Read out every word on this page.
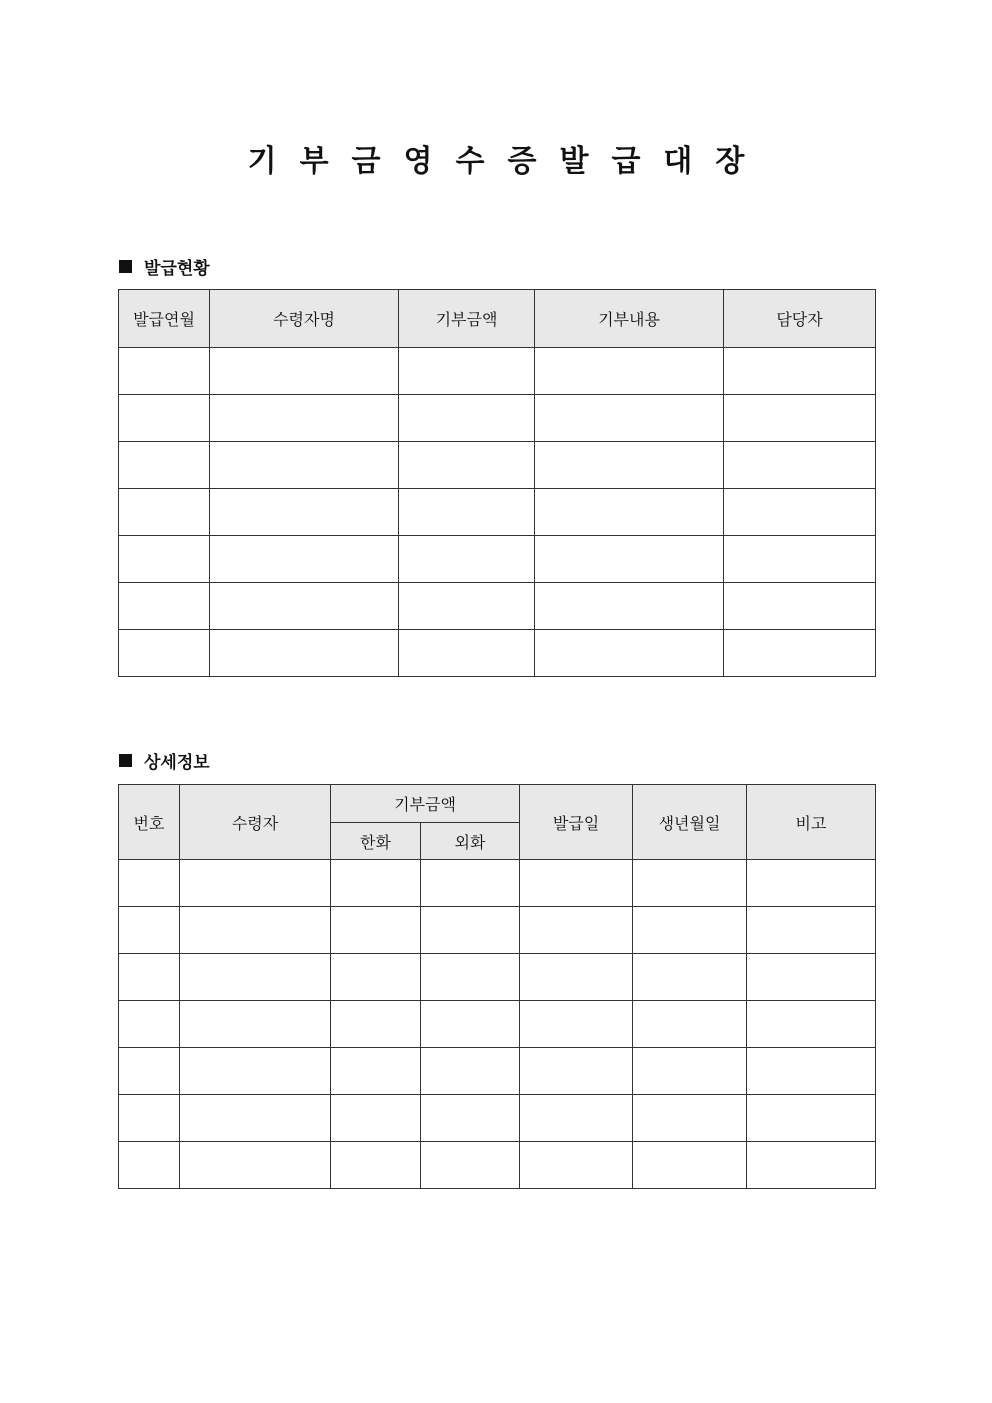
기부금영수증발급대장
발급현황
발급연월	수령자명	기부금액	기부내용	담당자

상세정보
번호	수령자	기부금액		발급일	생년월일	비고
		한화	외화			
